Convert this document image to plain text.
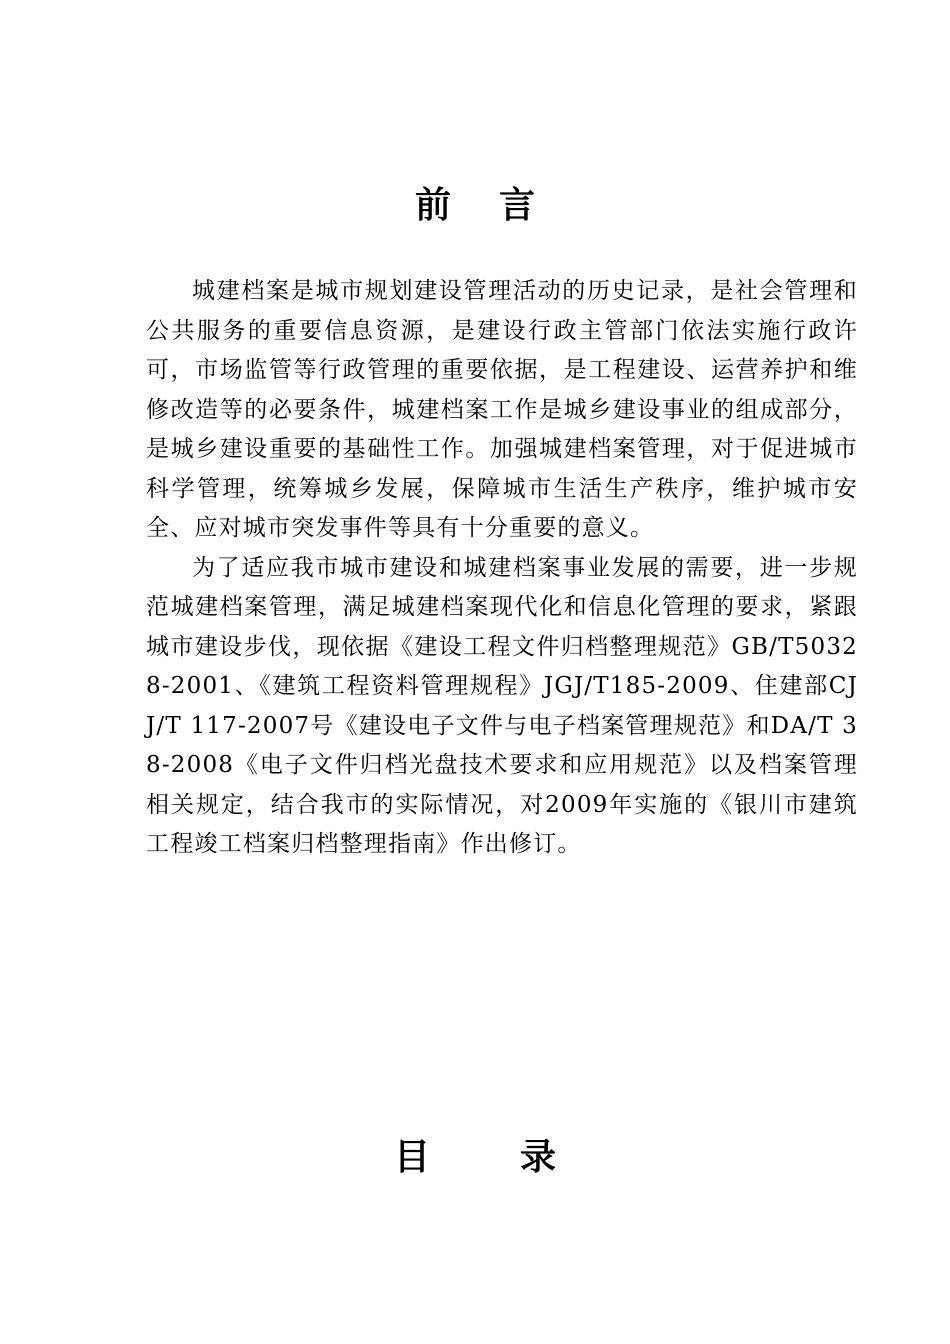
前言

城建档案是城市规划建设管理活动的历史记录，是社会管理和公共服务的重要信息资源，是建设行政主管部门依法实施行政许可，市场监管等行政管理的重要依据，是工程建设、运营养护和维修改造等的必要条件，城建档案工作是城乡建设事业的组成部分，是城乡建设重要的基础性工作。加强城建档案管理，对于促进城市科学管理，统筹城乡发展，保障城市生活生产秩序，维护城市安全、应对城市突发事件等具有十分重要的意义。

为了适应我市城市建设和城建档案事业发展的需要，进一步规范城建档案管理，满足城建档案现代化和信息化管理的要求，紧跟城市建设步伐，现依据《建设工程文件归档整理规范》GB/T50328-2001、《建筑工程资料管理规程》JGJ/T185-2009、住建部CJJ/T 117-2007号《建设电子文件与电子档案管理规范》和DA/T 38-2008《电子文件归档光盘技术要求和应用规范》以及档案管理相关规定，结合我市的实际情况，对2009年实施的《银川市建筑工程竣工档案归档整理指南》作出修订。

目录
